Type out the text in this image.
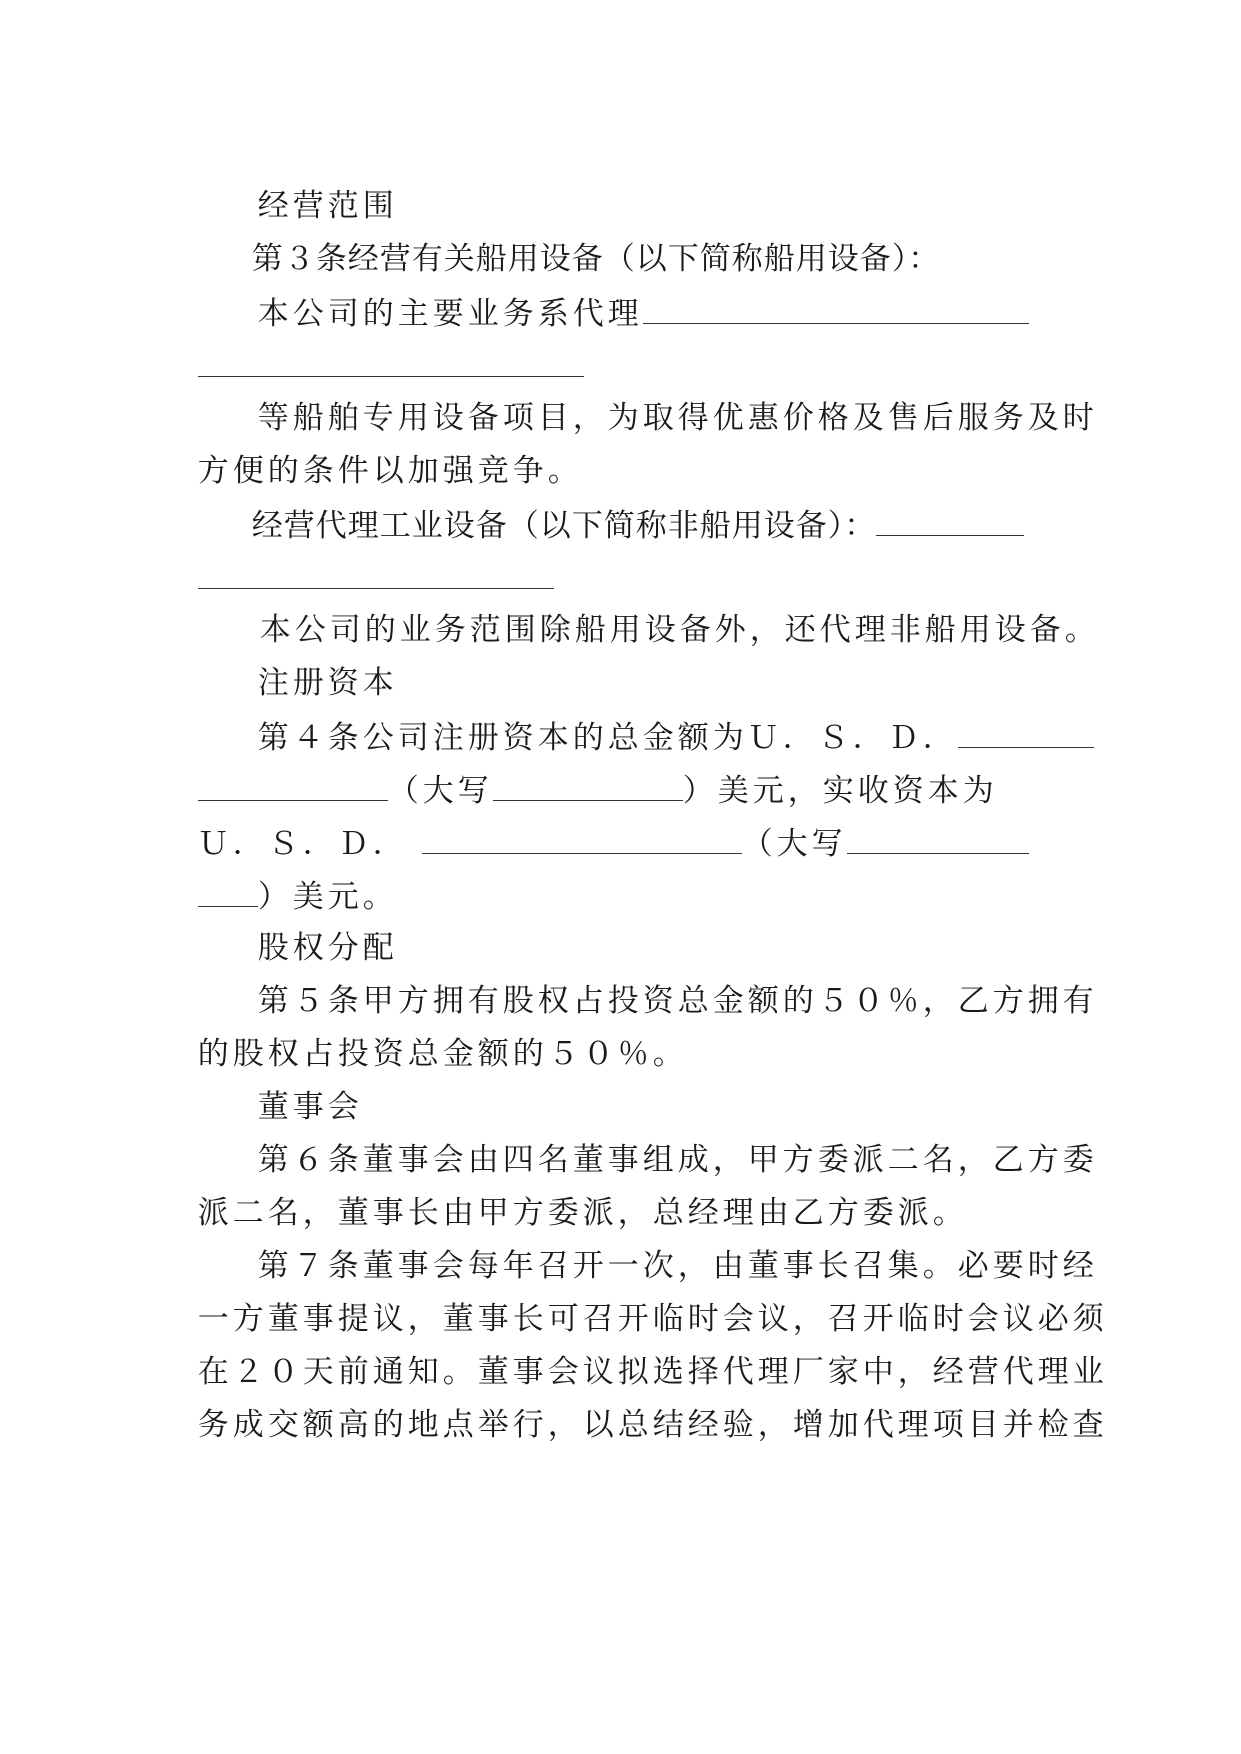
经营范围

第３条经营有关船用设备（以下简称船用设备）：

本公司的主要业务系代理

等船舶专用设备项目，为取得优惠价格及售后服务及时

方便的条件以加强竞争。

经营代理工业设备（以下简称非船用设备）：

本公司的业务范围除船用设备外，还代理非船用设备。

注册资本

第４条公司注册资本的总金额为Ｕ．Ｓ．Ｄ．

（大写	）美元，实收资本为

Ｕ．Ｓ．Ｄ．	（大写

）美元。

股权分配

第５条甲方拥有股权占投资总金额的５０％，乙方拥有

的股权占投资总金额的５０％。

董事会

第６条董事会由四名董事组成，甲方委派二名，乙方委

派二名，董事长由甲方委派，总经理由乙方委派。

第７条董事会每年召开一次，由董事长召集。必要时经

一方董事提议，董事长可召开临时会议，召开临时会议必须

在２０天前通知。董事会议拟选择代理厂家中，经营代理业

务成交额高的地点举行，以总结经验，增加代理项目并检查
